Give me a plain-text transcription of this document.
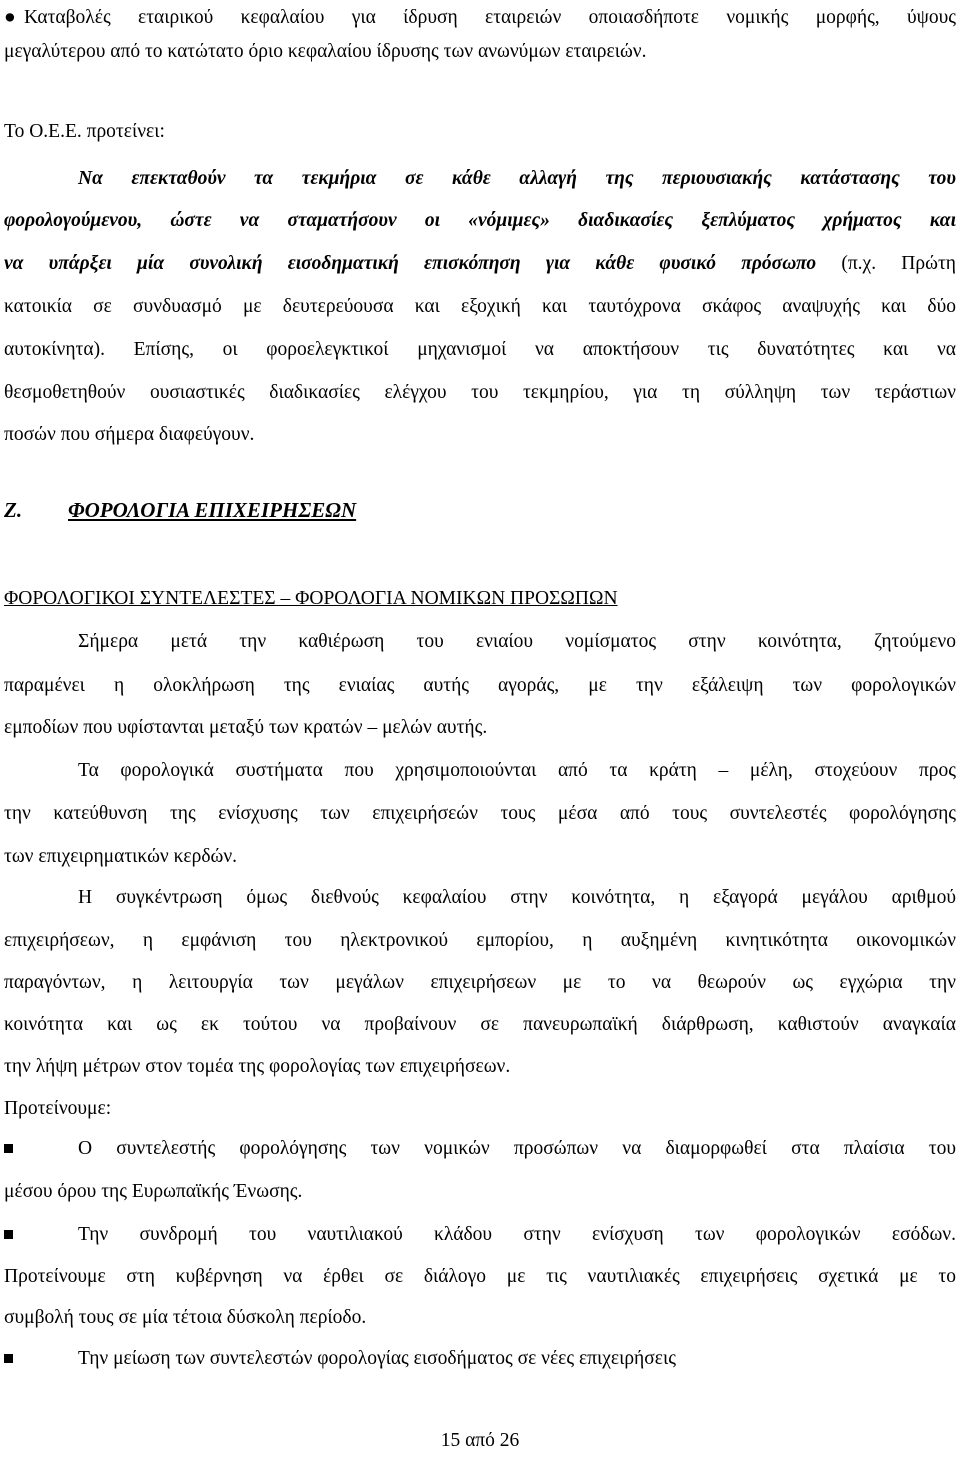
● Καταβολές εταιρικού κεφαλαίου για ίδρυση εταιρειών οποιασδήποτε νομικής μορφής, ύψους
μεγαλύτερου από το κατώτατο όριο κεφαλαίου ίδρυσης των ανωνύμων εταιρειών.
Το Ο.Ε.Ε. προτείνει:
Να επεκταθούν τα τεκμήρια σε κάθε αλλαγή της περιουσιακής κατάστασης του
φορολογούμενου, ώστε να σταματήσουν οι «νόμιμες» διαδικασίες ξεπλύματος χρήματος και
να υπάρξει μία συνολική εισοδηματική επισκόπηση για κάθε φυσικό πρόσωπο (π.χ. Πρώτη
κατοικία σε συνδυασμό με δευτερεύουσα και εξοχική και ταυτόχρονα σκάφος αναψυχής και δύο
αυτοκίνητα). Επίσης, οι φοροελεγκτικοί μηχανισμοί να αποκτήσουν τις δυνατότητες και να
θεσμοθετηθούν ουσιαστικές διαδικασίες ελέγχου του τεκμηρίου, για τη σύλληψη των τεράστιων
ποσών που σήμερα διαφεύγουν.
Ζ. ΦΟΡΟΛΟΓΙΑ ΕΠΙΧΕΙΡΗΣΕΩΝ
ΦΟΡΟΛΟΓΙΚΟΙ ΣΥΝΤΕΛΕΣΤΕΣ – ΦΟΡΟΛΟΓΙΑ ΝΟΜΙΚΩΝ ΠΡΟΣΩΠΩΝ
Σήμερα μετά την καθιέρωση του ενιαίου νομίσματος στην κοινότητα, ζητούμενο
παραμένει η ολοκλήρωση της ενιαίας αυτής αγοράς, με την εξάλειψη των φορολογικών
εμποδίων που υφίστανται μεταξύ των κρατών – μελών αυτής.
Τα φορολογικά συστήματα που χρησιμοποιούνται από τα κράτη – μέλη, στοχεύουν προς
την κατεύθυνση της ενίσχυσης των επιχειρήσεών τους μέσα από τους συντελεστές φορολόγησης
των επιχειρηματικών κερδών.
Η συγκέντρωση όμως διεθνούς κεφαλαίου στην κοινότητα, η εξαγορά μεγάλου αριθμού
επιχειρήσεων, η εμφάνιση του ηλεκτρονικού εμπορίου, η αυξημένη κινητικότητα οικονομικών
παραγόντων, η λειτουργία των μεγάλων επιχειρήσεων με το να θεωρούν ως εγχώρια την
κοινότητα και ως εκ τούτου να προβαίνουν σε πανευρωπαϊκή διάρθρωση, καθιστούν αναγκαία
την λήψη μέτρων στον τομέα της φορολογίας των επιχειρήσεων.
Προτείνουμε:
Ο συντελεστής φορολόγησης των νομικών προσώπων να διαμορφωθεί στα πλαίσια του
μέσου όρου της Ευρωπαϊκής Ένωσης.
Την συνδρομή του ναυτιλιακού κλάδου στην ενίσχυση των φορολογικών εσόδων.
Προτείνουμε στη κυβέρνηση να έρθει σε διάλογο με τις ναυτιλιακές επιχειρήσεις σχετικά με το
συμβολή τους σε μία τέτοια δύσκολη περίοδο.
Την μείωση των συντελεστών φορολογίας εισοδήματος σε νέες επιχειρήσεις
15 από 26
